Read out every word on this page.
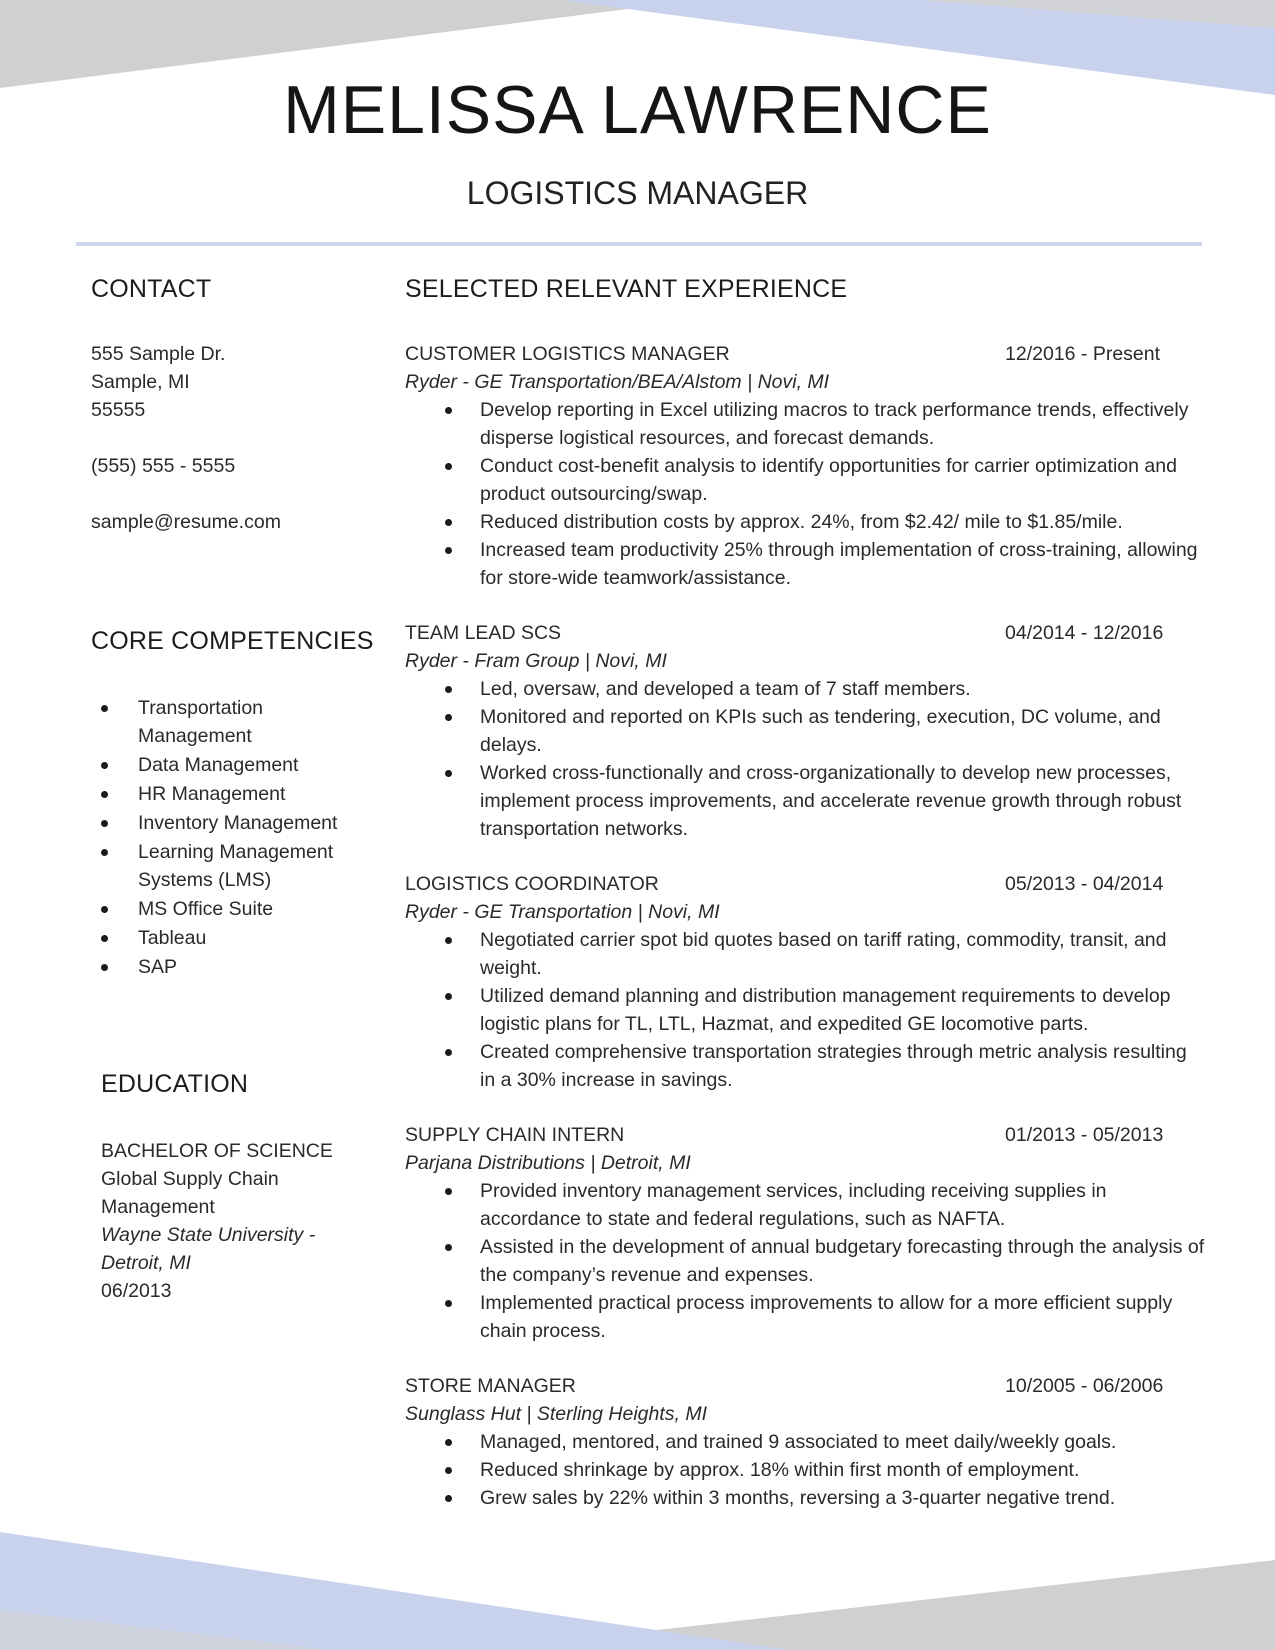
MELISSA LAWRENCE
LOGISTICS MANAGER
CONTACT
555 Sample Dr.
Sample, MI
55555
(555) 555 - 5555
sample@resume.com
CORE COMPETENCIES
Transportation Management
Data Management
HR Management
Inventory Management
Learning Management Systems (LMS)
MS Office Suite
Tableau
SAP
EDUCATION
BACHELOR OF SCIENCE
Global Supply Chain Management
Wayne State University - Detroit, MI
06/2013
SELECTED RELEVANT EXPERIENCE
CUSTOMER LOGISTICS MANAGER	12/2016 - Present
Ryder - GE Transportation/BEA/Alstom | Novi, MI
Develop reporting in Excel utilizing macros to track performance trends, effectively disperse logistical resources, and forecast demands.
Conduct cost-benefit analysis to identify opportunities for carrier optimization and product outsourcing/swap.
Reduced distribution costs by approx. 24%, from $2.42/ mile to $1.85/mile.
Increased team productivity 25% through implementation of cross-training, allowing for store-wide teamwork/assistance.
TEAM LEAD SCS	04/2014 - 12/2016
Ryder - Fram Group | Novi, MI
Led, oversaw, and developed a team of 7 staff members.
Monitored and reported on KPIs such as tendering, execution, DC volume, and delays.
Worked cross-functionally and cross-organizationally to develop new processes, implement process improvements, and accelerate revenue growth through robust transportation networks.
LOGISTICS COORDINATOR	05/2013 - 04/2014
Ryder - GE Transportation | Novi, MI
Negotiated carrier spot bid quotes based on tariff rating, commodity, transit, and weight.
Utilized demand planning and distribution management requirements to develop logistic plans for TL, LTL, Hazmat, and expedited GE locomotive parts.
Created comprehensive transportation strategies through metric analysis resulting in a 30% increase in savings.
SUPPLY CHAIN INTERN	01/2013 - 05/2013
Parjana Distributions | Detroit, MI
Provided inventory management services, including receiving supplies in accordance to state and federal regulations, such as NAFTA.
Assisted in the development of annual budgetary forecasting through the analysis of the company’s revenue and expenses.
Implemented practical process improvements to allow for a more efficient supply chain process.
STORE MANAGER	10/2005 - 06/2006
Sunglass Hut | Sterling Heights, MI
Managed, mentored, and trained 9 associated to meet daily/weekly goals.
Reduced shrinkage by approx. 18% within first month of employment.
Grew sales by 22% within 3 months, reversing a 3-quarter negative trend.
